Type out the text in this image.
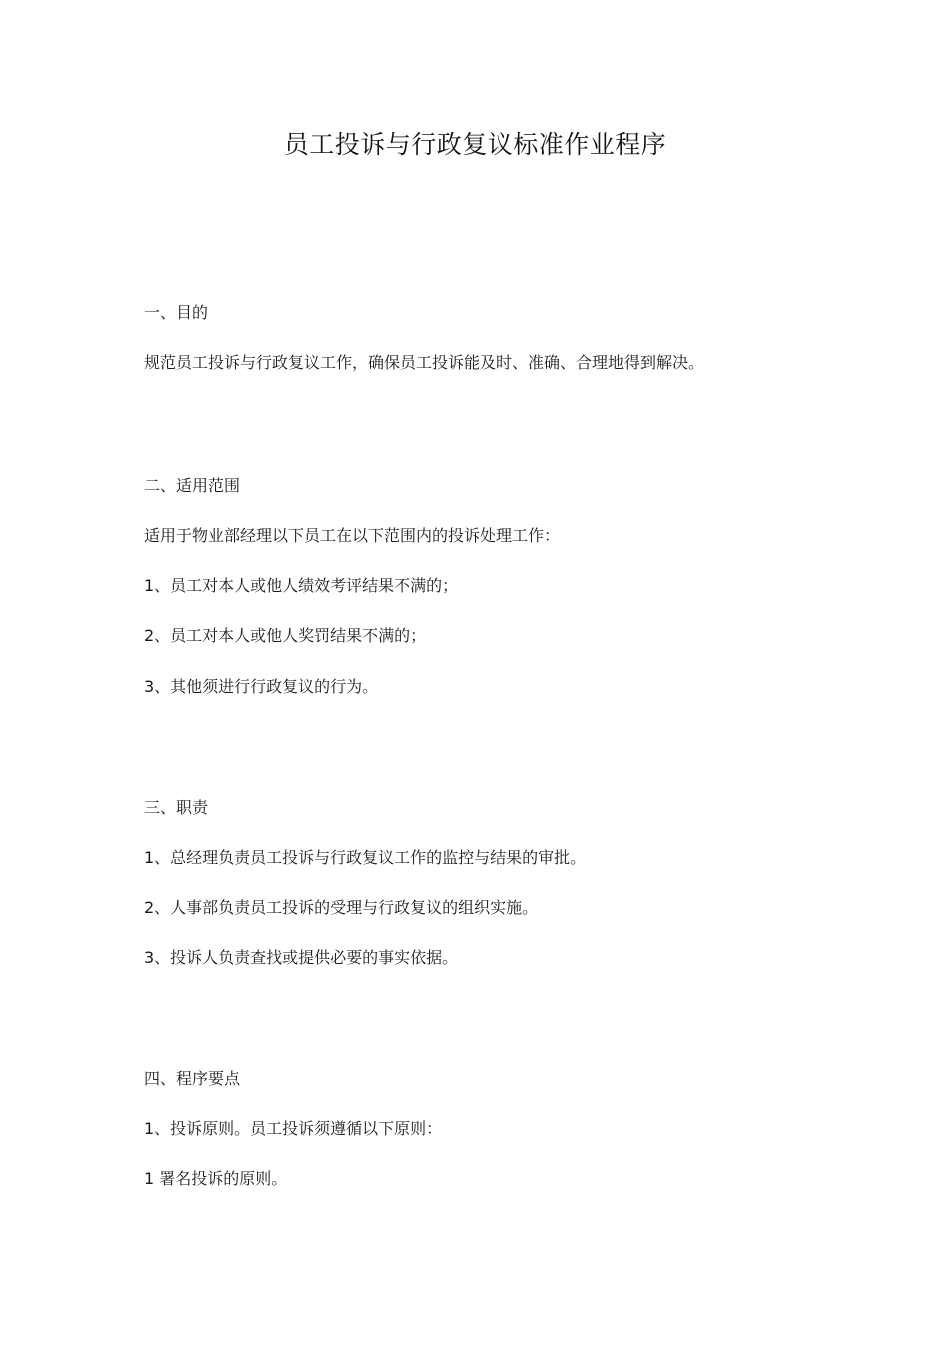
员工投诉与行政复议标准作业程序

一、目的

规范员工投诉与行政复议工作，确保员工投诉能及时、准确、合理地得到解决。

二、适用范围

适用于物业部经理以下员工在以下范围内的投诉处理工作：

1、员工对本人或他人绩效考评结果不满的；

2、员工对本人或他人奖罚结果不满的；

3、其他须进行行政复议的行为。

三、职责

1、总经理负责员工投诉与行政复议工作的监控与结果的审批。

2、人事部负责员工投诉的受理与行政复议的组织实施。

3、投诉人负责查找或提供必要的事实依据。

四、程序要点

1、投诉原则。员工投诉须遵循以下原则：

1 署名投诉的原则。
